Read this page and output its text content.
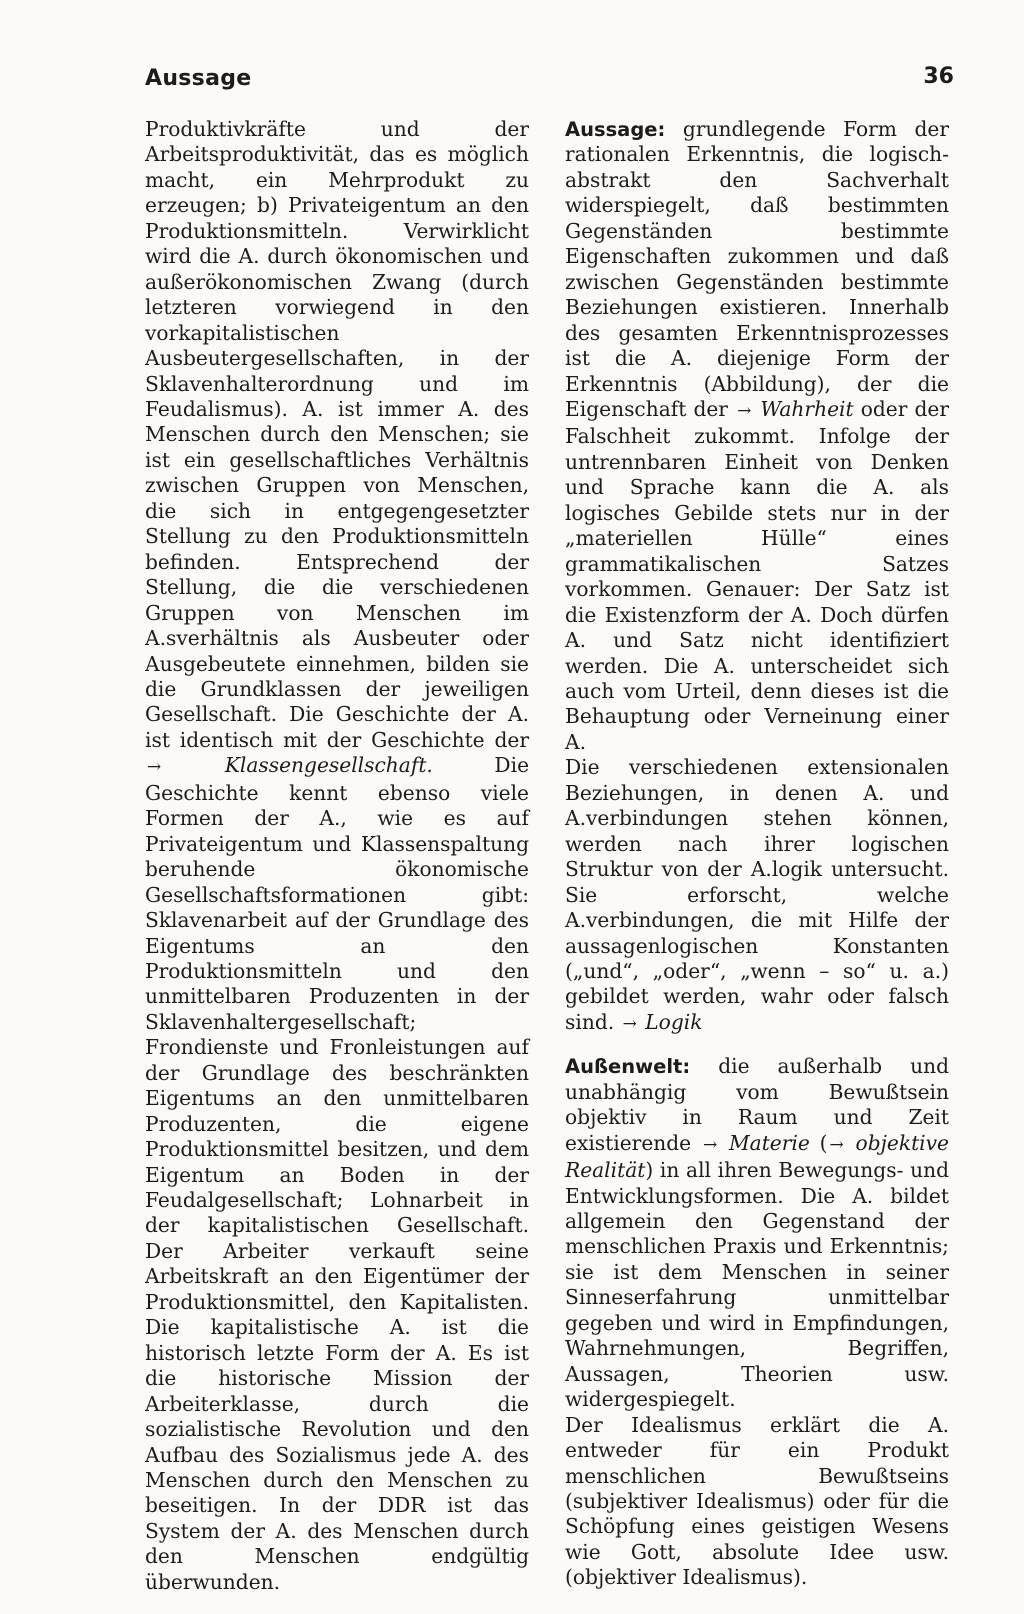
Aussage	36

Produktivkräfte und der Arbeitsproduktivität, das es möglich macht, ein Mehrprodukt zu erzeugen; b) Privateigentum an den Produktionsmitteln. Verwirklicht wird die A. durch ökonomischen und außerökonomischen Zwang (durch letzteren vorwiegend in den vorkapitalistischen Ausbeutergesellschaften, in der Sklavenhalterordnung und im Feudalismus). A. ist immer A. des Menschen durch den Menschen; sie ist ein gesellschaftliches Verhältnis zwischen Gruppen von Menschen, die sich in entgegengesetzter Stellung zu den Produktionsmitteln befinden. Entsprechend der Stellung, die die verschiedenen Gruppen von Menschen im A.sverhältnis als Ausbeuter oder Ausgebeutete einnehmen, bilden sie die Grundklassen der jeweiligen Gesellschaft. Die Geschichte der A. ist identisch mit der Geschichte der →	Klassengesellschaft.	Die Geschichte kennt ebenso viele Formen der A., wie es auf Privateigentum und Klassenspaltung beruhende ökonomische Gesellschaftsformationen gibt: Sklavenarbeit auf der Grundlage des Eigentums an den Produktionsmitteln und den unmittelbaren Produzenten in der Sklavenhaltergesellschaft; Frondienste und Fronleistungen auf der Grundlage des beschränkten Eigentums an den unmittelbaren Produzenten, die eigene Produktionsmittel besitzen, und dem Eigentum an Boden in der Feudalgesellschaft; Lohnarbeit in der kapitalistischen Gesellschaft. Der Arbeiter verkauft seine Arbeitskraft an den Eigentümer der Produktionsmittel, den Kapitalisten. Die kapitalistische A. ist die historisch letzte Form der A. Es ist die historische Mission der Arbeiterklasse, durch die sozialistische Revolution und den Aufbau des Sozialismus jede A. des Menschen durch den Menschen zu beseitigen. In der DDR ist das System der A. des Menschen durch den Menschen endgültig überwunden.

Aussage: grundlegende Form der rationalen Erkenntnis, die logisch-abstrakt den Sachverhalt widerspiegelt, daß bestimmten Gegenständen bestimmte Eigenschaften zukommen und daß zwischen Gegenständen bestimmte Beziehungen existieren. Innerhalb des gesamten Erkenntnisprozesses ist die A. diejenige Form der Erkenntnis (Abbildung), der die Eigenschaft der → Wahrheit oder der Falschheit zukommt. Infolge der untrennbaren Einheit von Denken und Sprache kann die A. als logisches Gebilde stets nur in der „materiellen Hülle“ eines grammatikalischen Satzes vorkommen. Genauer: Der Satz ist die Existenzform der A. Doch dürfen A. und Satz nicht identifiziert werden. Die A. unterscheidet sich auch vom Urteil, denn dieses ist die Behauptung oder Verneinung einer A.

Die verschiedenen extensionalen Beziehungen, in denen A. und A.verbindungen stehen können, werden nach ihrer logischen Struktur von der A.logik untersucht. Sie erforscht, welche A.verbindungen, die mit Hilfe der aussagenlogischen Konstanten („und“, „oder“, „wenn – so“ u. a.) gebildet werden, wahr oder falsch sind. → Logik

Außenwelt: die außerhalb und unabhängig vom Bewußtsein objektiv in Raum und Zeit existierende → Materie ( → objektive Realität) in all ihren Bewegungs- und Entwicklungsformen. Die A. bildet allgemein den Gegenstand der menschlichen Praxis und Erkenntnis; sie ist dem Menschen in seiner Sinneserfahrung unmittelbar gegeben und wird in Empfindungen, Wahrnehmungen, Begriffen, Aussagen, Theorien usw. widergespiegelt.

Der Idealismus erklärt die A. entweder für ein Produkt menschlichen Bewußtseins (subjektiver Idealismus) oder für die Schöpfung eines geistigen Wesens wie Gott, absolute Idee usw. (objektiver Idealismus).
